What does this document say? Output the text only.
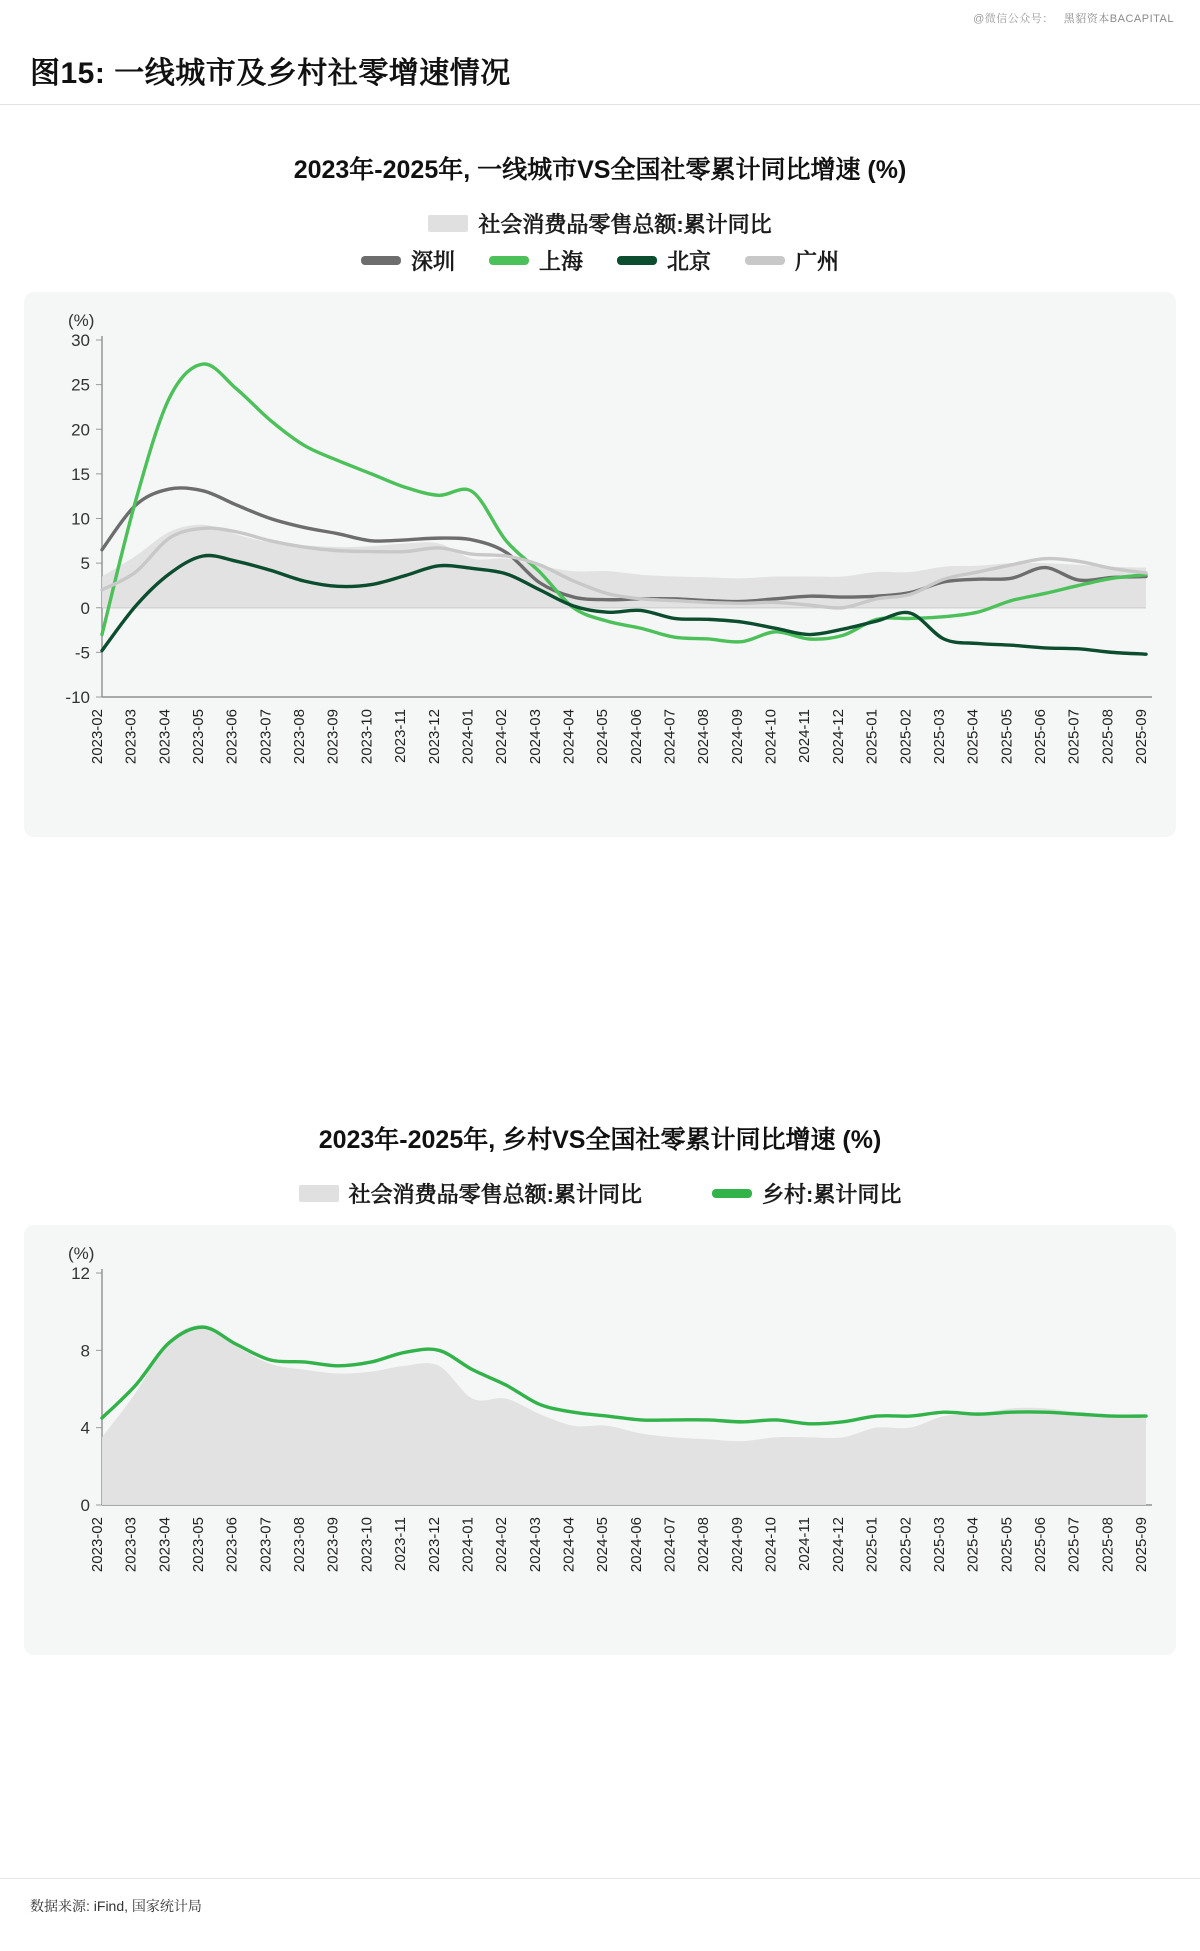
@微信公众号： 黑貂资本BACAPITAL
图15: 一线城市及乡村社零增速情况
2023年-2025年, 一线城市VS全国社零累计同比增速 (%)
社会消费品零售总额:累计同比
深圳	上海	北京	广州
(%)
-10
-5
0
5
10
15
20
25
30
2023-02 2023-03 2023-04 2023-05 2023-06 2023-07 2023-08 2023-09 2023-10 2023-11 2023-12 2024-01 2024-02 2024-03 2024-04 2024-05 2024-06 2024-07 2024-08 2024-09 2024-10 2024-11 2024-12 2025-01 2025-02 2025-03 2025-04 2025-05 2025-06 2025-07 2025-08 2025-09
2023年-2025年, 乡村VS全国社零累计同比增速 (%)
社会消费品零售总额:累计同比	乡村:累计同比
(%)
0
4
8
12
2023-02 2023-03 2023-04 2023-05 2023-06 2023-07 2023-08 2023-09 2023-10 2023-11 2023-12 2024-01 2024-02 2024-03 2024-04 2024-05 2024-06 2024-07 2024-08 2024-09 2024-10 2024-11 2024-12 2025-01 2025-02 2025-03 2025-04 2025-05 2025-06 2025-07 2025-08 2025-09
数据来源: iFind, 国家统计局
